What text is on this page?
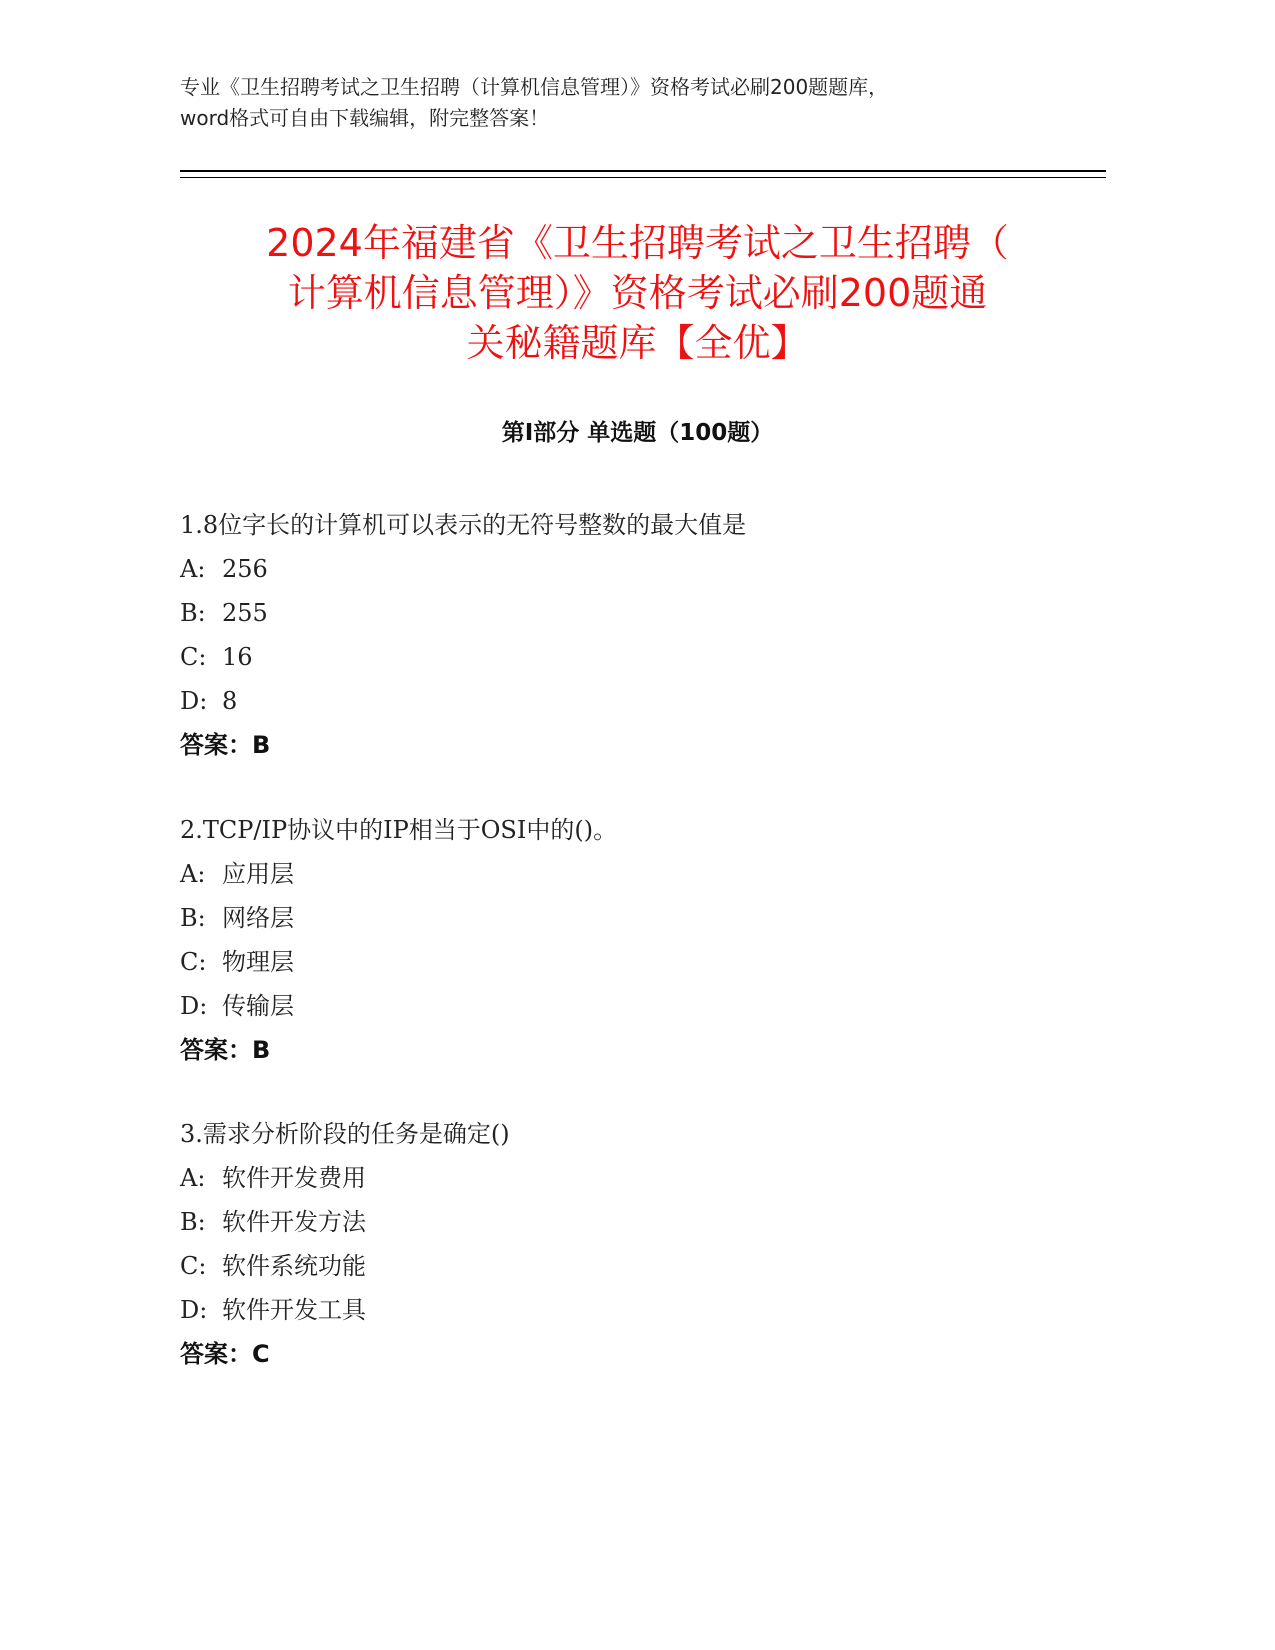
专业《卫生招聘考试之卫生招聘（计算机信息管理）》资格考试必刷200题题库，
word格式可自由下载编辑，附完整答案！

2024年福建省《卫生招聘考试之卫生招聘（
计算机信息管理）》资格考试必刷200题通
关秘籍题库【全优】
第Ⅰ部分 单选题（100题）

1.8位字长的计算机可以表示的无符号整数的最大值是

A: 256

B: 255

C: 16

D: 8

答案：B

2.TCP/IP协议中的IP相当于OSI中的()。

A: 应用层

B: 网络层

C: 物理层

D: 传输层

答案：B

3.需求分析阶段的任务是确定()

A: 软件开发费用

B: 软件开发方法

C: 软件系统功能

D: 软件开发工具

答案：C
